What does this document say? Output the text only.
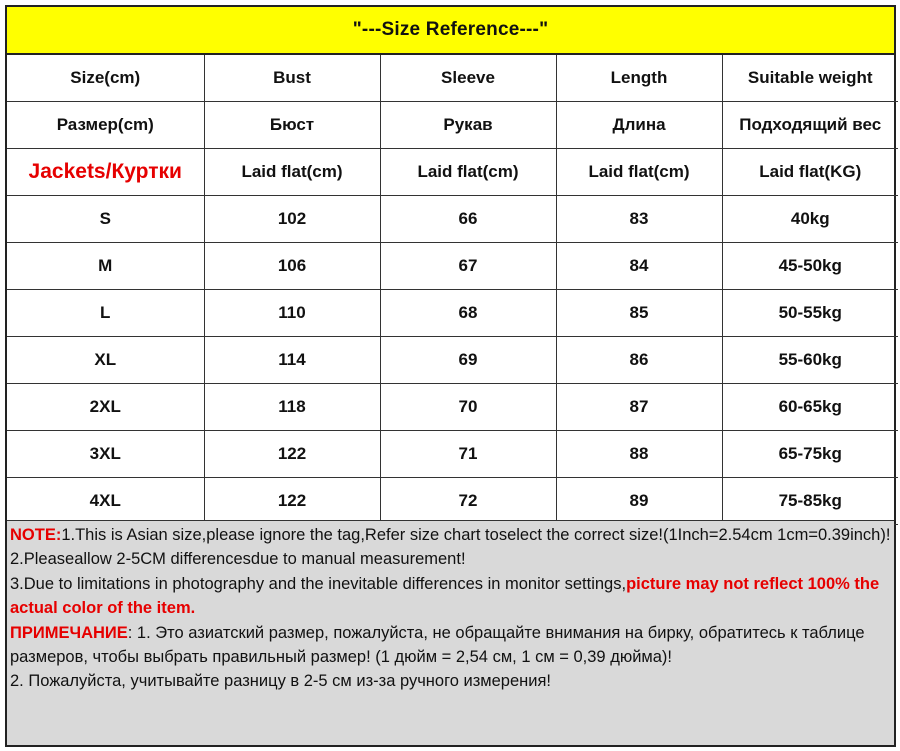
"---Size Reference---"
Size(cm)	Bust	Sleeve	Length	Suitable weight
Размер(cm)	Бюст	Рукав	Длина	Подходящий вес
Jackets/Куртки	Laid flat(cm)	Laid flat(cm)	Laid flat(cm)	Laid flat(KG)
S	102	66	83	40kg
M	106	67	84	45-50kg
L	110	68	85	50-55kg
XL	114	69	86	55-60kg
2XL	118	70	87	60-65kg
3XL	122	71	88	65-75kg
4XL	122	72	89	75-85kg

NOTE:1.This is Asian size,please ignore the tag,Refer size chart toselect the correct size!(1Inch=2.54cm 1cm=0.39inch)!

2.Pleaseallow 2-5CM differencesdue to manual measurement!

3.Due to limitations in photography and the inevitable differences in monitor settings,picture may not reflect 100% the actual color of the item.

ПРИМЕЧАНИЕ: 1. Это азиатский размер, пожалуйста, не обращайте внимания на бирку, обратитесь к таблице размеров, чтобы выбрать правильный размер! (1 дюйм = 2,54 см, 1 см = 0,39 дюйма)!

2. Пожалуйста, учитывайте разницу в 2-5 см из-за ручного измерения!
